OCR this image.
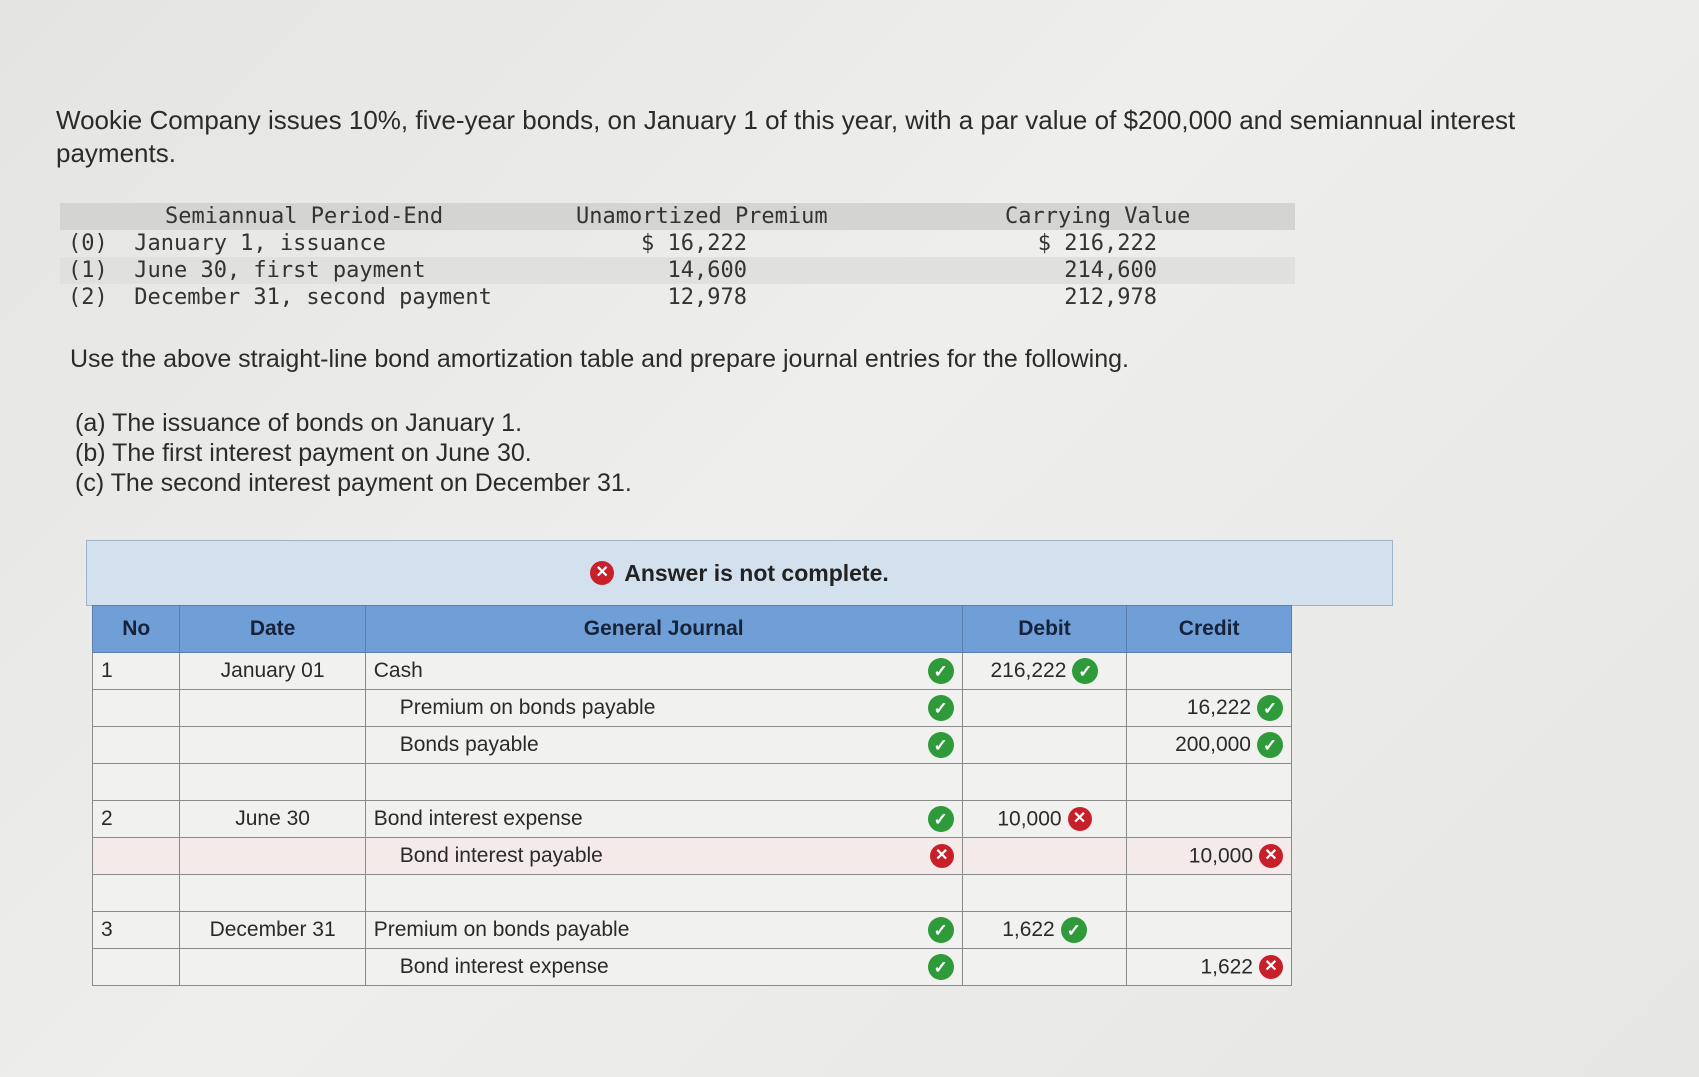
Wookie Company issues 10%, five-year bonds, on January 1 of this year, with a par value of $200,000 and semiannual interest payments.
Semiannual Period-End	Unamortized Premium	Carrying Value
(0)  January 1, issuance	$ 16,222	$ 216,222
(1)  June 30, first payment	14,600	214,600
(2)  December 31, second payment	12,978	212,978
Use the above straight-line bond amortization table and prepare journal entries for the following.
(a) The issuance of bonds on January 1.
(b) The first interest payment on June 30.
(c) The second interest payment on December 31.
✕ Answer is not complete.
No	Date	General Journal	Debit	Credit
1	January 01	Cash ✓	216,222 ✓	
		Premium on bonds payable ✓		16,222 ✓
		Bonds payable ✓		200,000 ✓

2	June 30	Bond interest expense ✓	10,000 ✕	
		Bond interest payable ✕		10,000 ✕

3	December 31	Premium on bonds payable ✓	1,622 ✓	
		Bond interest expense ✓		1,622 ✕
